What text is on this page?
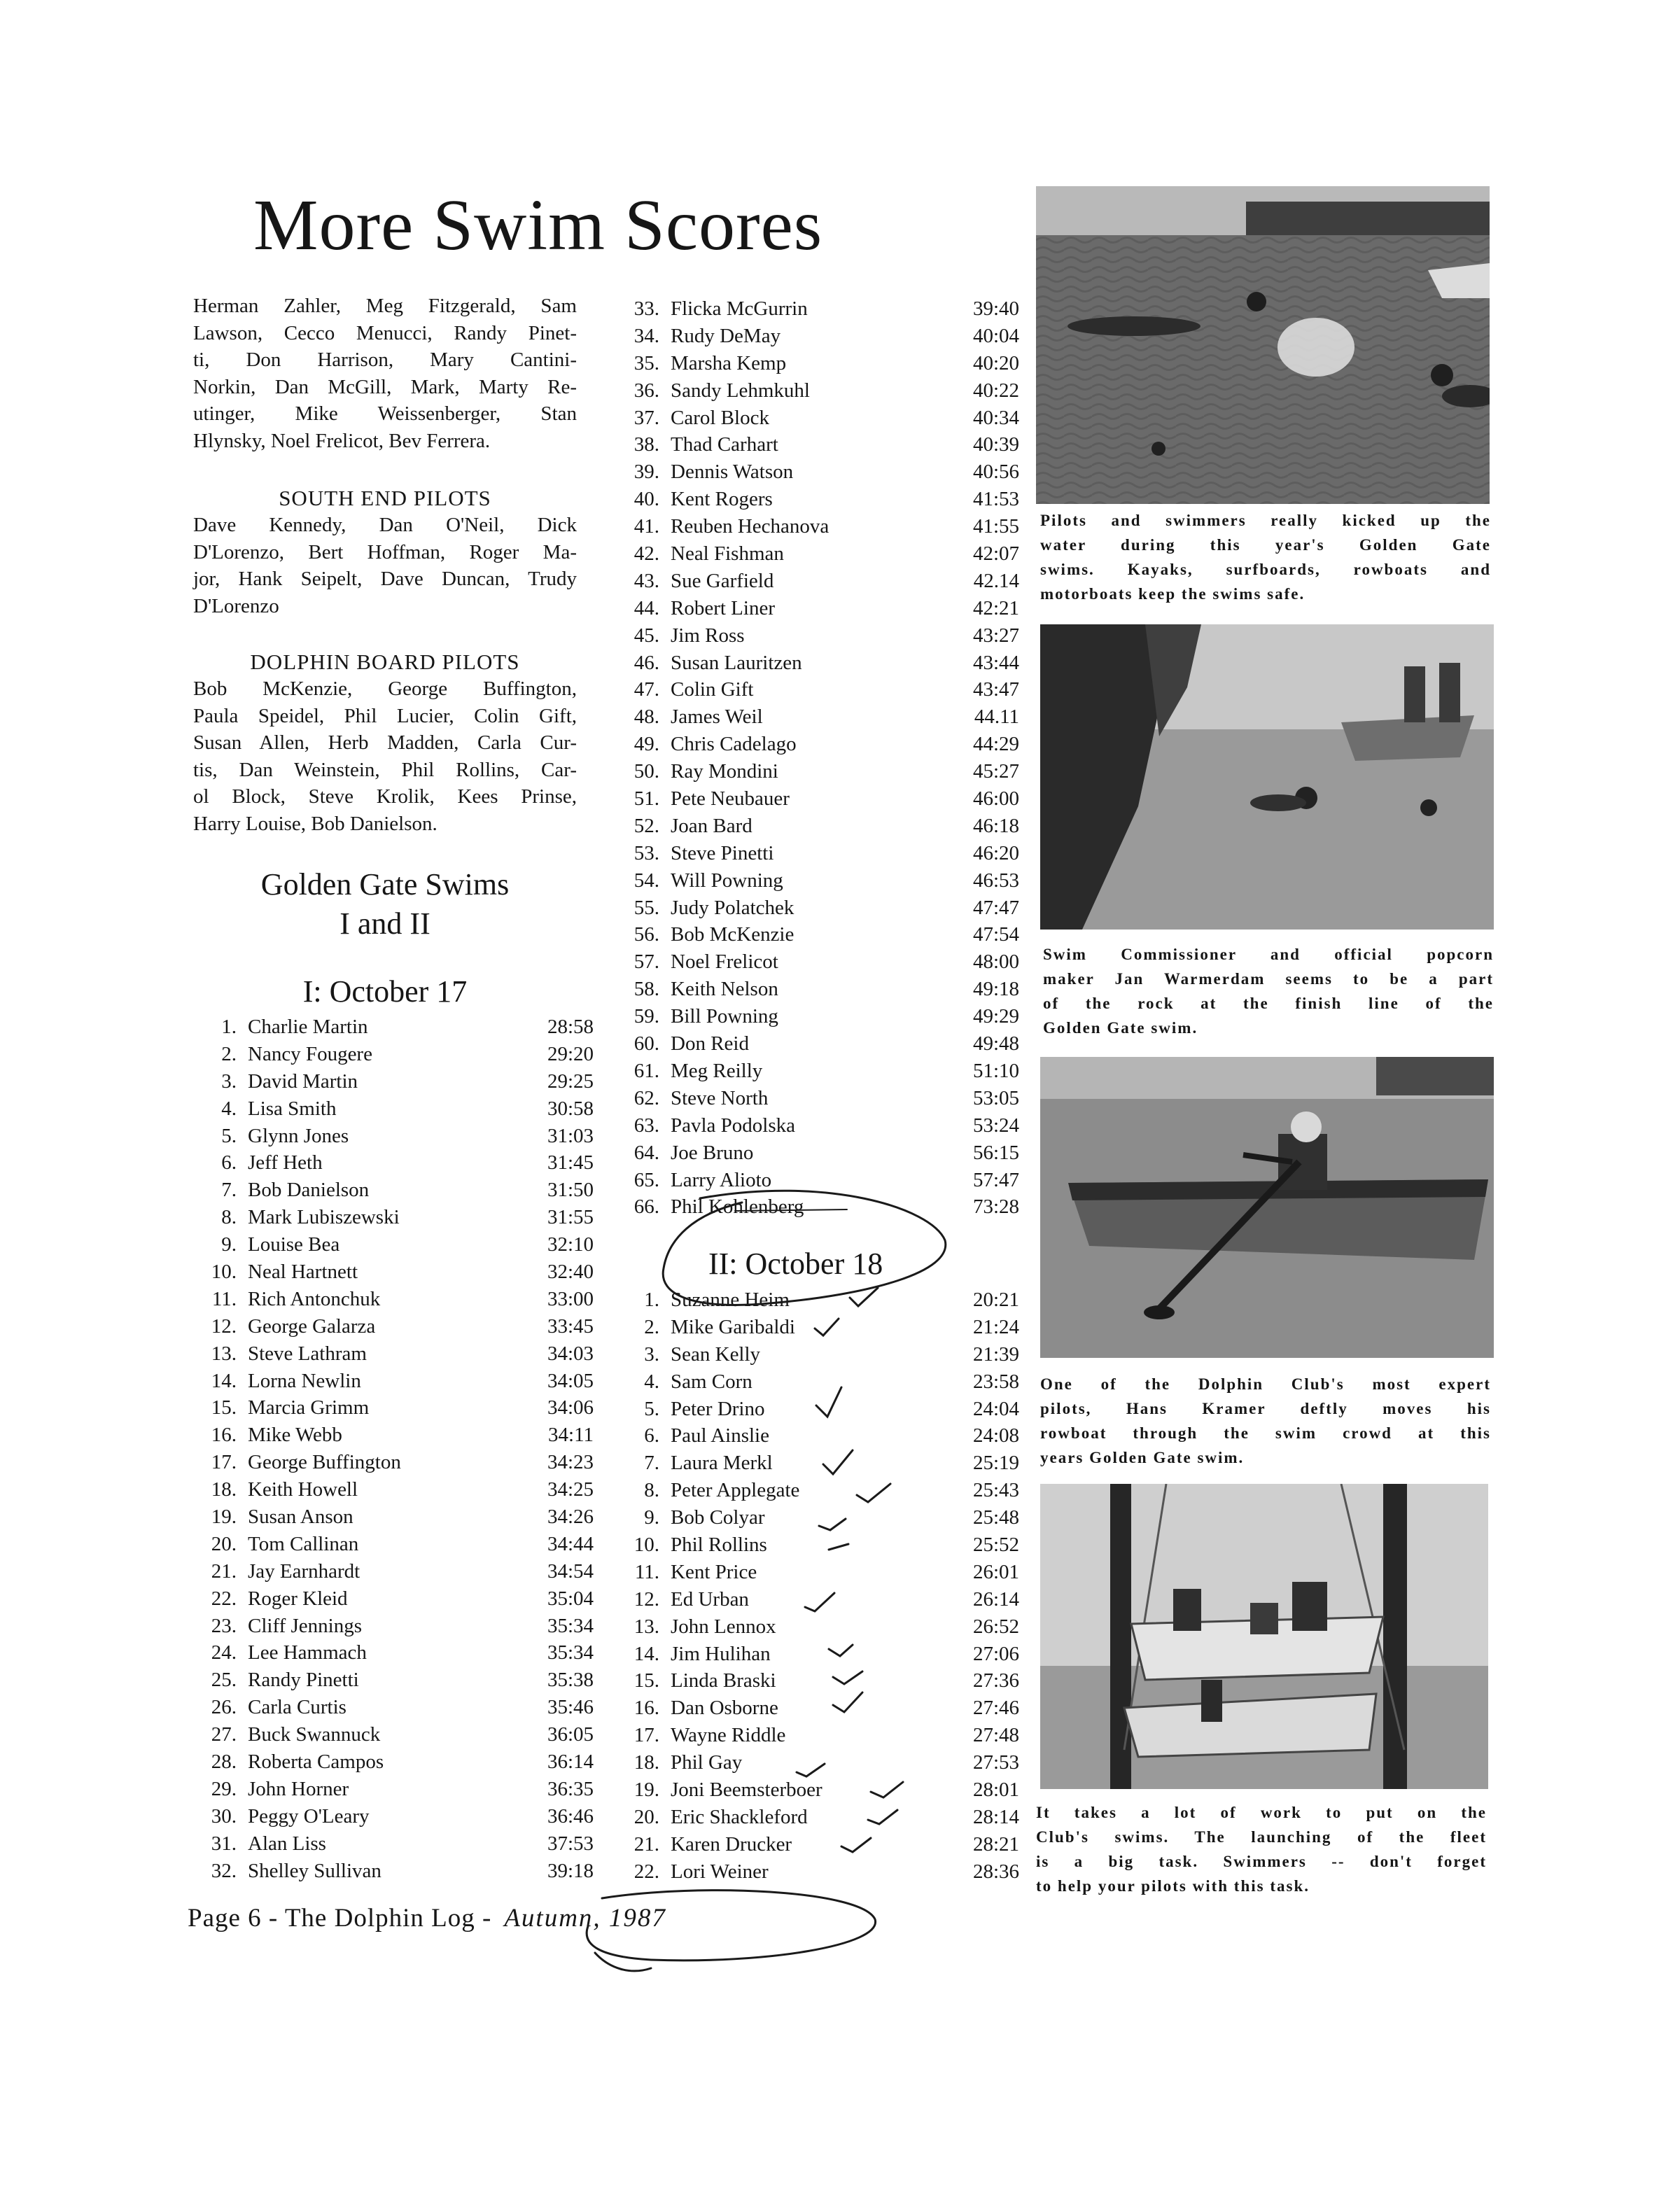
More Swim Scores

Herman Zahler, Meg Fitzgerald, Sam
Lawson, Cecco Menucci, Randy Pinet-
ti, Don Harrison, Mary Cantini-
Norkin, Dan McGill, Mark, Marty Re-
utinger, Mike Weissenberger, Stan
Hlynsky, Noel Frelicot, Bev Ferrera.

SOUTH END PILOTS

Dave Kennedy, Dan O'Neil, Dick
D'Lorenzo, Bert Hoffman, Roger Ma-
jor, Hank Seipelt, Dave Duncan, Trudy
D'Lorenzo

DOLPHIN BOARD PILOTS

Bob McKenzie, George Buffington,
Paula Speidel, Phil Lucier, Colin Gift,
Susan Allen, Herb Madden, Carla Cur-
tis, Dan Weinstein, Phil Rollins, Car-
ol Block, Steve Krolik, Kees Prinse,
Harry Louise, Bob Danielson.

Golden Gate Swims
I and II

I: October 17

1. Charlie Martin	28:58
2. Nancy Fougere	29:20
3. David Martin	29:25
4. Lisa Smith	30:58
5. Glynn Jones	31:03
6. Jeff Heth	31:45
7. Bob Danielson	31:50
8. Mark Lubiszewski	31:55
9. Louise Bea	32:10
10. Neal Hartnett	32:40
11. Rich Antonchuk	33:00
12. George Galarza	33:45
13. Steve Lathram	34:03
14. Lorna Newlin	34:05
15. Marcia Grimm	34:06
16. Mike Webb	34:11
17. George Buffington	34:23
18. Keith Howell	34:25
19. Susan Anson	34:26
20. Tom Callinan	34:44
21. Jay Earnhardt	34:54
22. Roger Kleid	35:04
23. Cliff Jennings	35:34
24. Lee Hammach	35:34
25. Randy Pinetti	35:38
26. Carla Curtis	35:46
27. Buck Swannuck	36:05
28. Roberta Campos	36:14
29. John Horner	36:35
30. Peggy O'Leary	36:46
31. Alan Liss	37:53
32. Shelley Sullivan	39:18
33. Flicka McGurrin	39:40
34. Rudy DeMay	40:04
35. Marsha Kemp	40:20
36. Sandy Lehmkuhl	40:22
37. Carol Block	40:34
38. Thad Carhart	40:39
39. Dennis Watson	40:56
40. Kent Rogers	41:53
41. Reuben Hechanova	41:55
42. Neal Fishman	42:07
43. Sue Garfield	42.14
44. Robert Liner	42:21
45. Jim Ross	43:27
46. Susan Lauritzen	43:44
47. Colin Gift	43:47
48. James Weil	44.11
49. Chris Cadelago	44:29
50. Ray Mondini	45:27
51. Pete Neubauer	46:00
52. Joan Bard	46:18
53. Steve Pinetti	46:20
54. Will Powning	46:53
55. Judy Polatchek	47:47
56. Bob McKenzie	47:54
57. Noel Frelicot	48:00
58. Keith Nelson	49:18
59. Bill Powning	49:29
60. Don Reid	49:48
61. Meg Reilly	51:10
62. Steve North	53:05
63. Pavla Podolska	53:24
64. Joe Bruno	56:15
65. Larry Alioto	57:47
66. Phil Kohlenberg	73:28
II: October 18
1. Suzanne Heim	20:21
2. Mike Garibaldi	21:24
3. Sean Kelly	21:39
4. Sam Corn	23:58
5. Peter Drino	24:04
6. Paul Ainslie	24:08
7. Laura Merkl	25:19
8. Peter Applegate	25:43
9. Bob Colyar	25:48
10. Phil Rollins	25:52
11. Kent Price	26:01
12. Ed Urban	26:14
13. John Lennox	26:52
14. Jim Hulihan	27:06
15. Linda Braski	27:36
16. Dan Osborne	27:46
17. Wayne Riddle	27:48
18. Phil Gay	27:53
19. Joni Beemsterboer	28:01
20. Eric Shackleford	28:14
21. Karen Drucker	28:21
22. Lori Weiner	28:36
Pilots and swimmers really kicked up the
water during this year's Golden Gate
swims. Kayaks, surfboards, rowboats and
motorboats keep the swims safe.
Swim Commissioner and official popcorn
maker Jan Warmerdam seems to be a part
of the rock at the finish line of the
Golden Gate swim.
One of the Dolphin Club's most expert
pilots, Hans Kramer deftly moves his
rowboat through the swim crowd at this
years Golden Gate swim.
It takes a lot of work to put on the
Club's swims. The launching of the fleet
is a big task. Swimmers -- don't forget
to help your pilots with this task.
Page 6 - The Dolphin Log - Autumn, 1987
